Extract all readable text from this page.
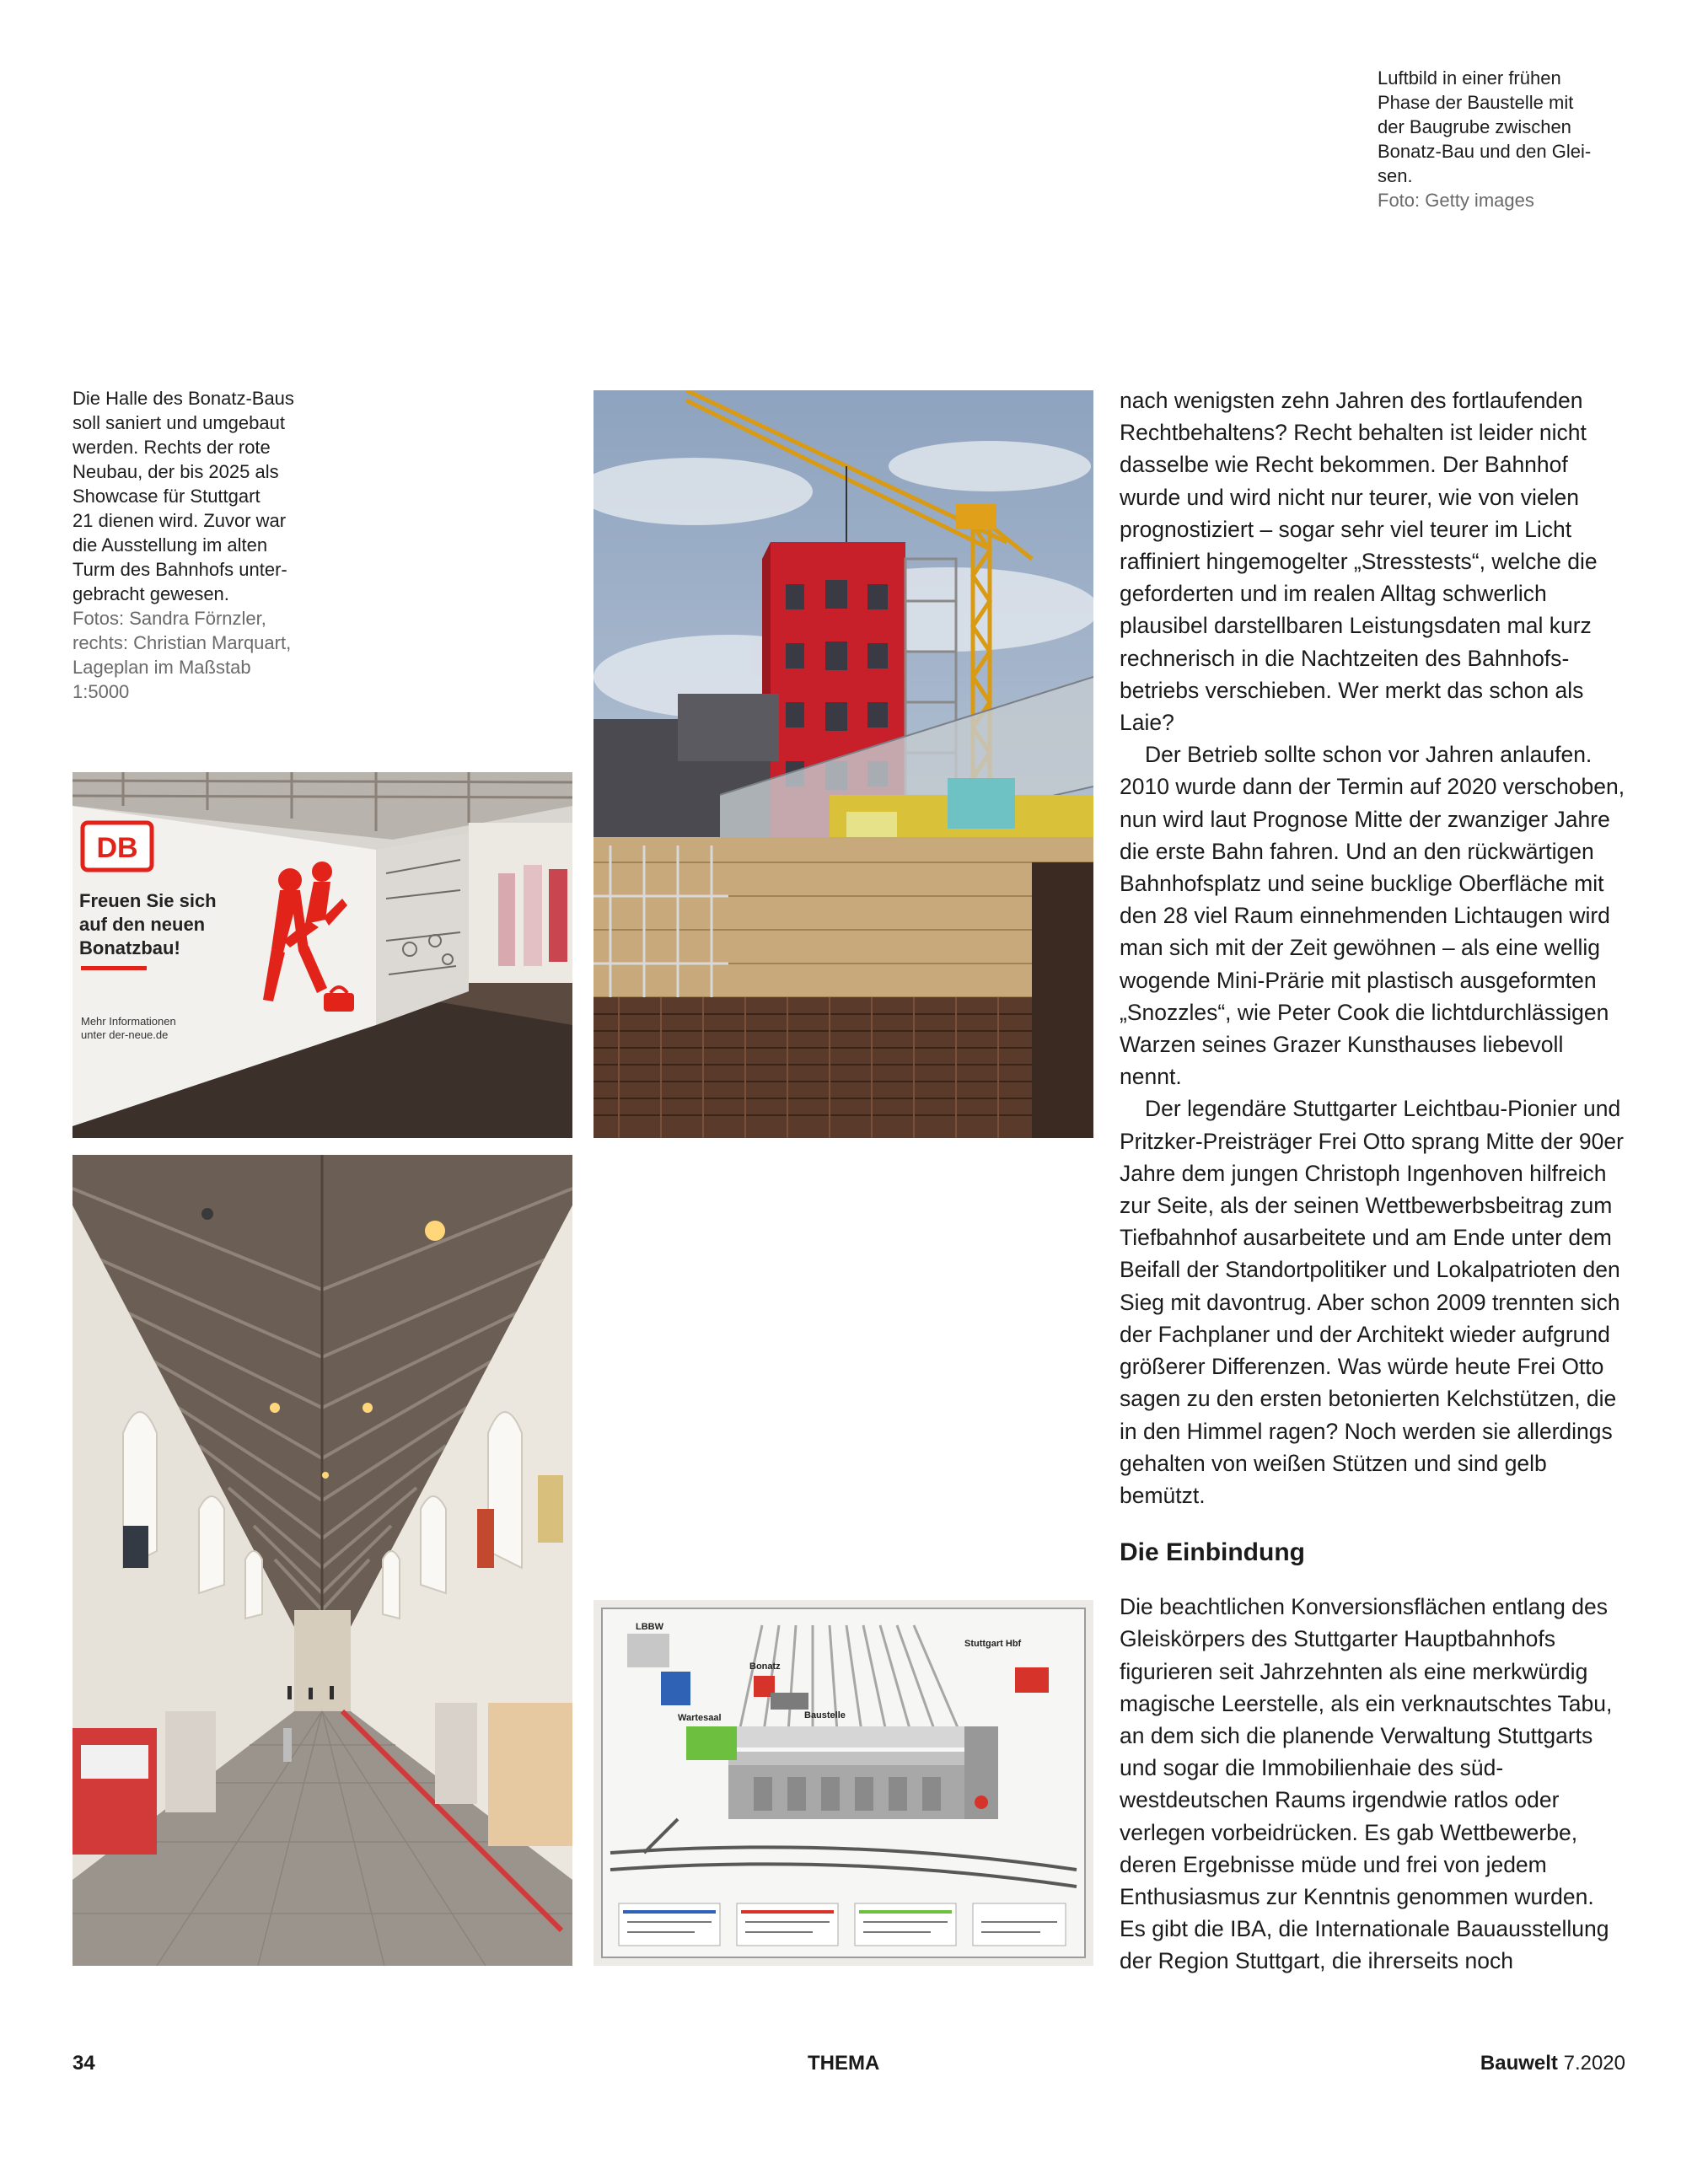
Luftbild in einer frühen

Phase der Baustelle mit

der Baugrube zwischen

Bonatz-Bau und den Glei-

sen.

Foto: Getty images

Die Halle des Bonatz-Baus

soll saniert und umgebaut

werden. Rechts der rote

Neubau, der bis 2025 als

Showcase für Stuttgart

21 dienen wird. Zuvor war

die Ausstellung im alten

Turm des Bahnhofs unter-

gebracht gewesen.

Fotos: Sandra Förnzler,

rechts: Christian Marquart,

Lageplan im Maßstab

1:5000

DB
Freuen Sie sich auf den neuen Bonatzbau!
Mehr Informationen unter der-neue.de
Stuttgart Hbf
Bonatz
Baustelle
LBBW
Wartesaal

nach wenigsten zehn Jahren des fortlaufenden Rechtbehaltens? Recht behalten ist leider nicht dasselbe wie Recht bekommen. Der Bahnhof wurde und wird nicht nur teurer, wie von vielen prognostiziert – sogar sehr viel teurer im Licht raffiniert hingemogelter „Stresstests“, welche die geforderten und im realen Alltag schwerlich plausibel darstellbaren Leistungsdaten mal kurz rechnerisch in die Nachtzeiten des Bahnhofsbetriebs verschieben. Wer merkt das schon als Laie?

Der Betrieb sollte schon vor Jahren anlaufen. 2010 wurde dann der Termin auf 2020 verschoben, nun wird laut Prognose Mitte der zwanziger Jahre die erste Bahn fahren. Und an den rückwärtigen Bahnhofsplatz und seine bucklige Oberfläche mit den 28 viel Raum einnehmenden Lichtaugen wird man sich mit der Zeit gewöhnen – als eine wellig wogende Mini-Prärie mit plastisch ausgeformten „Snozzles“, wie Peter Cook die lichtdurchlässigen Warzen seines Grazer Kunsthauses liebevoll nennt.

Der legendäre Stuttgarter Leichtbau-Pionier und Pritzker-Preisträger Frei Otto sprang Mitte der 90er Jahre dem jungen Christoph Ingenhoven hilfreich zur Seite, als der seinen Wettbewerbsbeitrag zum Tiefbahnhof ausarbeitete und am Ende unter dem Beifall der Standortpolitiker und Lokalpatrioten den Sieg mit davontrug. Aber schon 2009 trennten sich der Fachplaner und der Architekt wieder aufgrund größerer Differenzen. Was würde heute Frei Otto sagen zu den ersten betonierten Kelchstützen, die in den Himmel ragen? Noch werden sie allerdings gehalten von weißen Stützen und sind gelb bemützt.

Die Einbindung

Die beachtlichen Konversionsflächen entlang des Gleiskörpers des Stuttgarter Hauptbahnhofs figurieren seit Jahrzehnten als eine merkwürdig magische Leerstelle, als ein verknautschtes Tabu, an dem sich die planende Verwaltung Stuttgarts und sogar die Immobilienhaie des südwestdeutschen Raums irgendwie ratlos oder verlegen vorbeidrücken. Es gab Wettbewerbe, deren Ergebnisse müde und frei von jedem Enthusiasmus zur Kenntnis genommen wurden. Es gibt die IBA, die Internationale Bauausstellung der Region Stuttgart, die ihrerseits noch

34	THEMA	Bauwelt 7.2020
